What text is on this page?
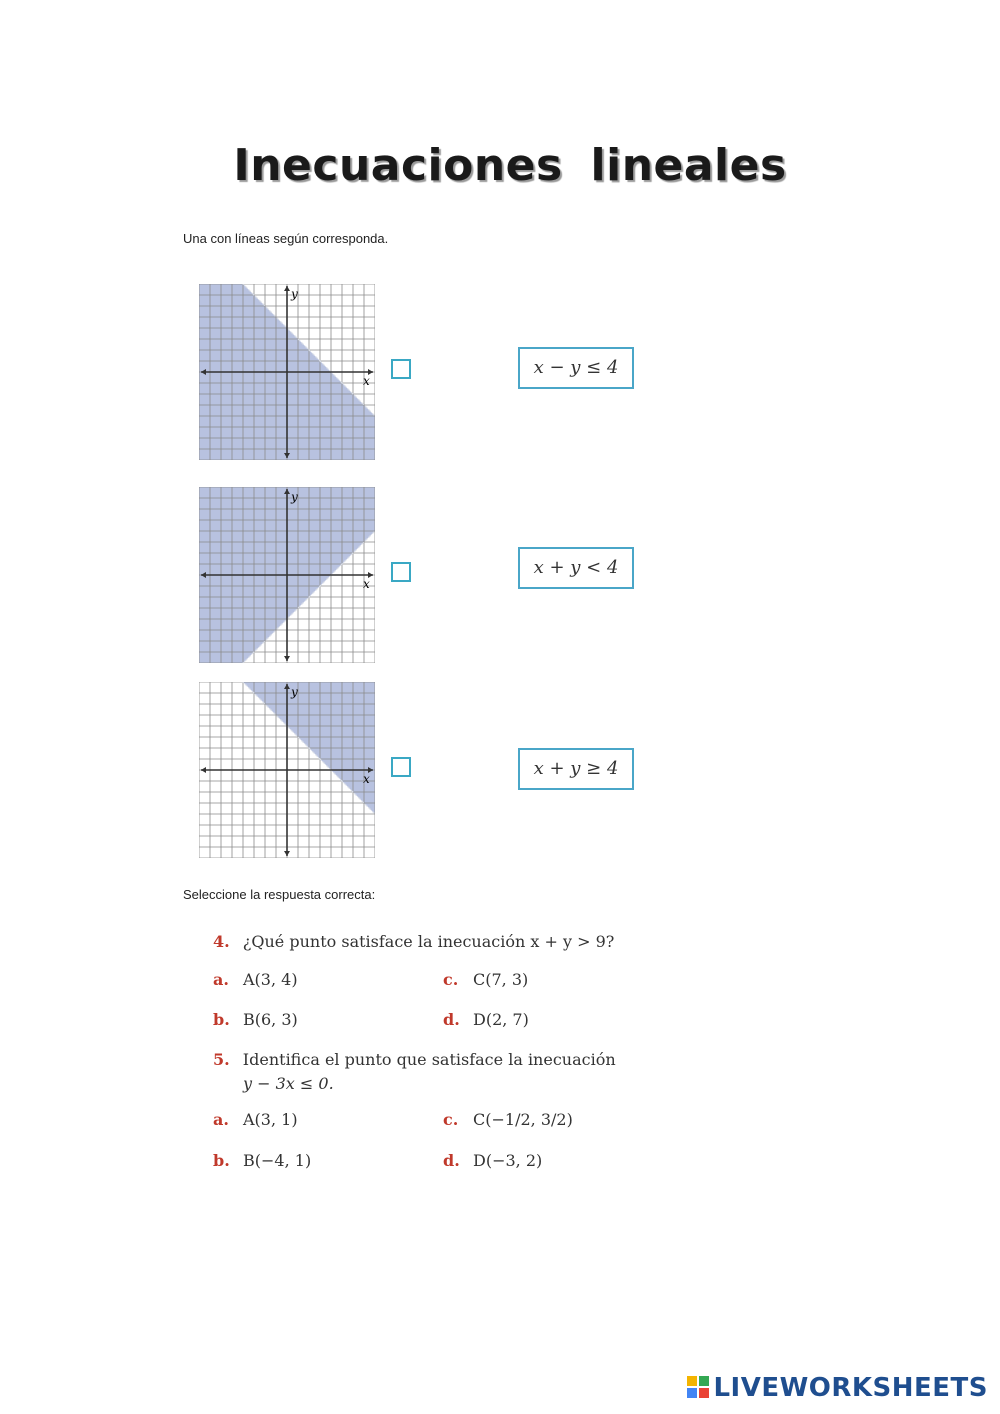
Inecuaciones lineales
Una con líneas según corresponda.
y
x
x − y ≤ 4
y
x
x + y < 4
y
x	x + y ≥ 4
Seleccione la respuesta correcta:
4. ¿Qué punto satisface la inecuación x + y > 9?
a. A(3, 4)	c. C(7, 3)
b. B(6, 3)	d. D(2, 7)
5. Identifica el punto que satisface la inecuación
y − 3x ≤ 0.
a. A(3, 1)	c. C(−1/2, 3/2)
b. B(−4, 1)	d. D(−3, 2)
LIVEWORKSHEETS
